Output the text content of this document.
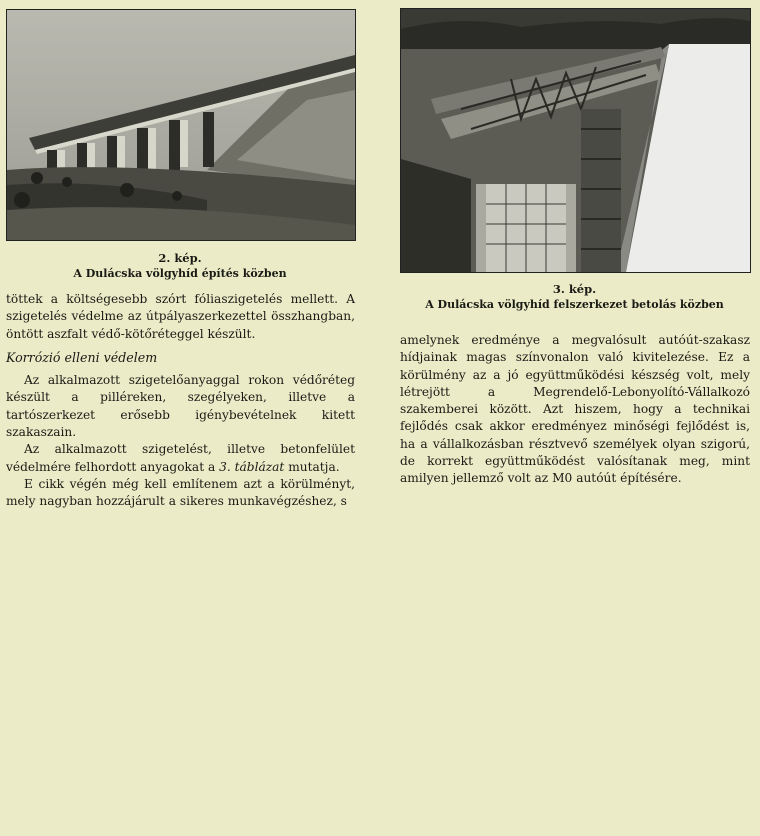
2. kép.
A Dulácska völgyhíd építés közben
3. kép.
A Dulácska völgyhíd felszerkezet betolás közben

töttek a költségesebb szórt fóliaszigetelés mellett. A szigetelés védelme az útpályaszerkezettel összhangban, öntött aszfalt védő-kötőréteggel készült.

Korrózió elleni védelem

Az alkalmazott szigetelőanyaggal rokon védőréteg készült a pilléreken, szegélyeken, illetve a tartószerkezet erősebb igénybevételnek kitett szakaszain.

Az alkalmazott szigetelést, illetve betonfelület védelmére felhordott anyagokat a 3. táblázat mutatja.

E cikk végén még kell említenem azt a körülményt, mely nagyban hozzájárult a sikeres munkavégzéshez, s

amelynek eredménye a megvalósult autóút-szakasz hídjainak magas színvonalon való kivitelezése. Ez a körülmény az a jó együttműködési készség volt, mely létrejött a Megrendelő-Lebonyolító-Vállalkozó szakemberei között. Azt hiszem, hogy a technikai fejlődés csak akkor eredményez minőségi fejlődést is, ha a vállalkozásban résztvevő személyek olyan szigorú, de korrekt együttműködést valósítanak meg, mint amilyen jellemző volt az M0 autóút építésére.
